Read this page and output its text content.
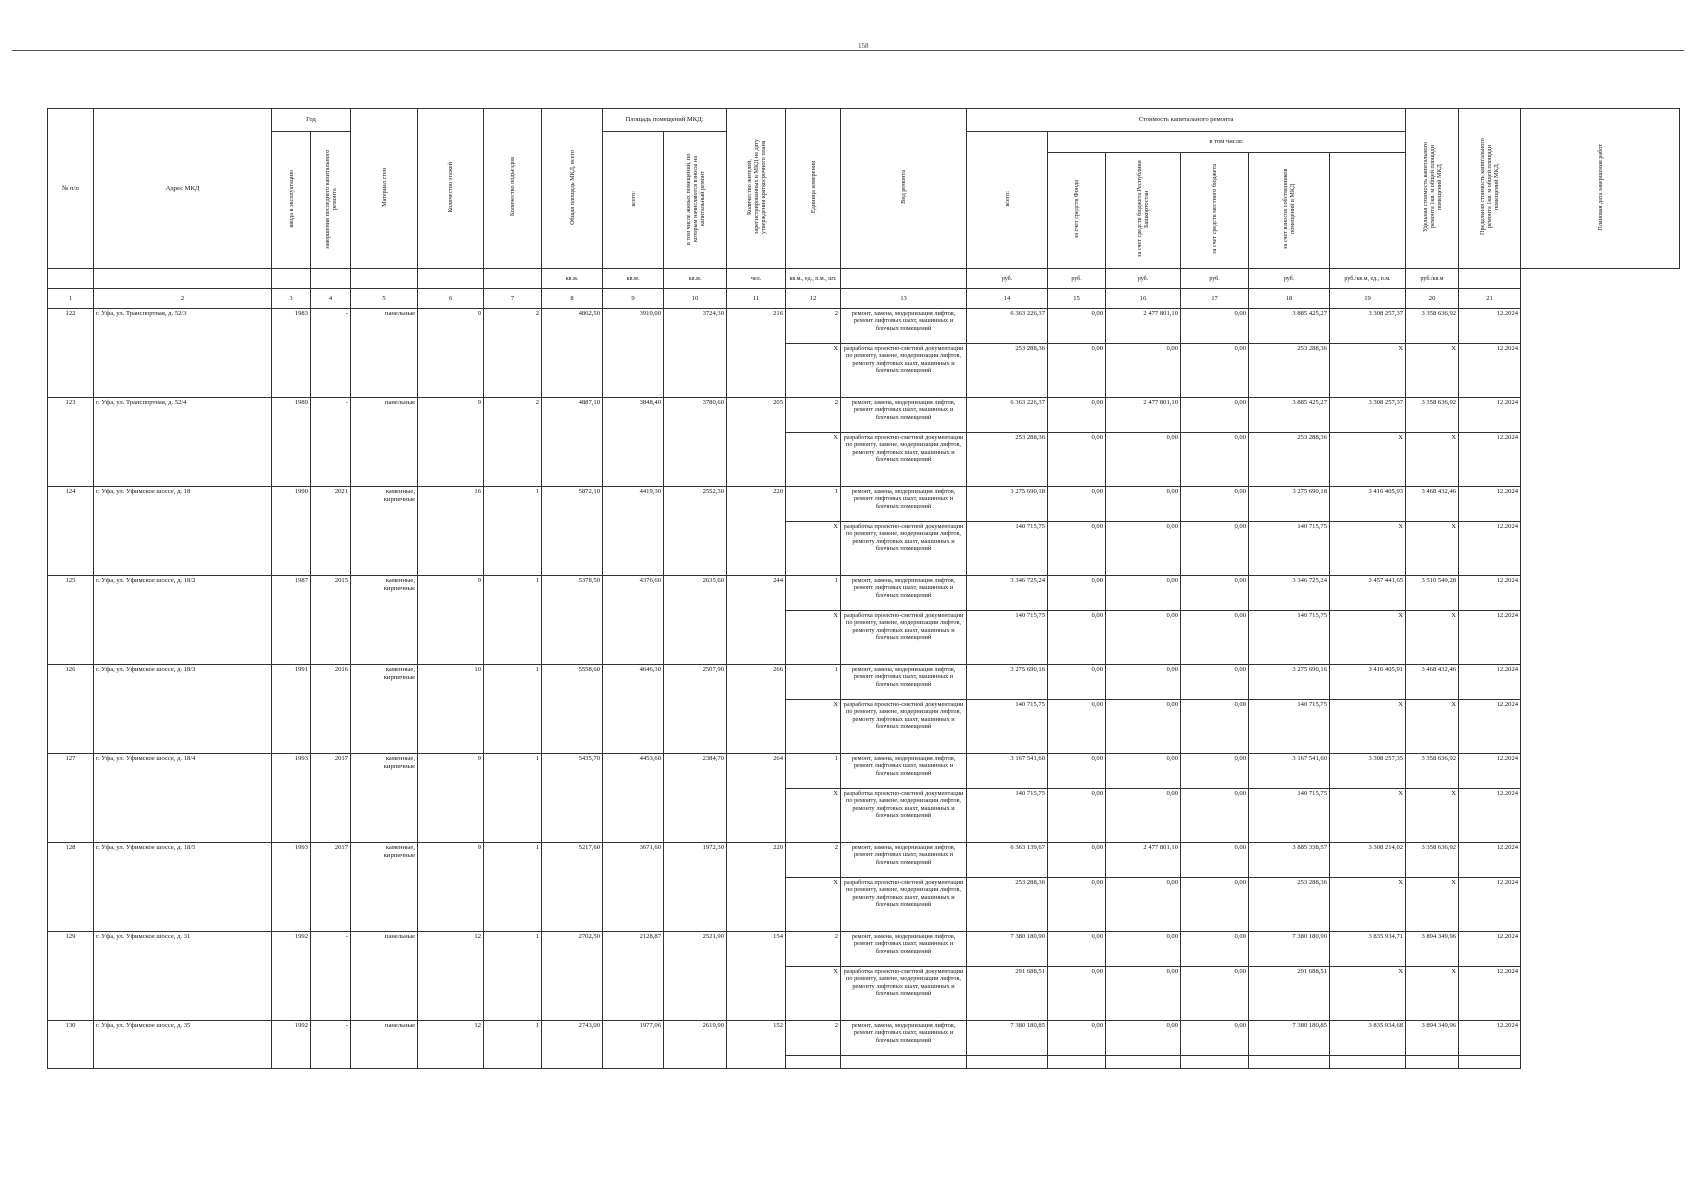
158
№ п/п	Адрес МКД	Год		Материал стен	Количество этажей	Количество подъездов	Общая площадь МКД, всего	Площадь помещений МКД:		Количество жителей, зарегистрированных в МКД на дату утверждения краткосрочного плана	Единица измерения	Вид ремонта	Стоимость капитального ремонта						Удельная стоимость капитального ремонта 1кв. м общей площади помещений МКД	Предельная стоимость капитального ремонта 1кв. м общей площади помещений МКД	Плановая дата завершения работ
		ввода в эксплуатацию	завершения последнего капитального ремонта					всего:	в том числе жилых помещений, по которым начисляются взносы на капитальный ремонт				всего:	в том числе:							
														за счет средств Фонда	за счет средств бюджета Республики Башкортостан	за счет средств местного бюджета	за счет взносов собственников помещений в МКД				
							кв.м.	кв.м.	кв.м.	чел.	кв.м., ед., п.м., шт.		руб.	руб.	руб.	руб.	руб.	руб./кв.м, ед., п.м.	руб./кв.м		
1	2	3	4	5	6	7	8	9	10	11	12	13	14	15	16	17	18	19	20	21	
122	г. Уфа, ул. Транспортная, д. 52/3	1983	-	панельные	9	2	4862,50	3910,00	3724,30	216	2	ремонт, замена, модернизация лифтов, ремонт лифтовых шахт, машинных и блочных помещений	6 363 226,37	0,00	2 477 801,10	0,00	3 885 425,27	3 308 257,37	3 358 636,92	12.2024	
											X	разработка проектно-сметной документации по ремонту, замене, модернизации лифтов, ремонту лифтовых шахт, машинных и блочных помещений	253 288,36	0,00	0,00	0,00	253 288,36	X	X	12.2024	
123	г. Уфа, ул. Транспортная, д. 52/4	1989	-	панельные	9	2	4887,10	3848,40	3780,60	205	2	ремонт, замена, модернизация лифтов, ремонт лифтовых шахт, машинных и блочных помещений	6 363 226,37	0,00	2 477 801,10	0,00	3 885 425,27	3 308 257,37	3 358 636,92	12.2024	
											X	разработка проектно-сметной документации по ремонту, замене, модернизации лифтов, ремонту лифтовых шахт, машинных и блочных помещений	253 288,36	0,00	0,00	0,00	253 288,36	X	X	12.2024	
124	г. Уфа, ул. Уфимское шоссе, д. 18	1990	2021	каменные, кирпичные	16	1	5872,10	4419,30	2552,30	220	1	ремонт, замена, модернизация лифтов, ремонт лифтовых шахт, машинных и блочных помещений	3 275 690,18	0,00	0,00	0,00	3 275 690,18	3 416 405,93	3 468 432,46	12.2024	
											X	разработка проектно-сметной документации по ремонту, замене, модернизации лифтов, ремонту лифтовых шахт, машинных и блочных помещений	140 715,75	0,00	0,00	0,00	140 715,75	X	X	12.2024	
125	г. Уфа, ул. Уфимское шоссе, д. 18/2	1987	2015	каменные, кирпичные	9	1	5378,50	4376,60	2635,60	244	1	ремонт, замена, модернизация лифтов, ремонт лифтовых шахт, машинных и блочных помещений	3 346 725,24	0,00	0,00	0,00	3 346 725,24	3 457 441,65	3 510 549,28	12.2024	
											X	разработка проектно-сметной документации по ремонту, замене, модернизации лифтов, ремонту лифтовых шахт, машинных и блочных помещений	140 715,75	0,00	0,00	0,00	140 715,75	X	X	12.2024	
126	г. Уфа, ул. Уфимское шоссе, д. 18/3	1991	2016	каменные, кирпичные	10	1	5558,60	4646,30	2507,90	266	1	ремонт, замена, модернизация лифтов, ремонт лифтовых шахт, машинных и блочных помещений	3 275 690,16	0,00	0,00	0,00	3 275 690,16	3 416 405,91	3 468 432,46	12.2024	
											X	разработка проектно-сметной документации по ремонту, замене, модернизации лифтов, ремонту лифтовых шахт, машинных и блочных помещений	140 715,75	0,00	0,00	0,00	140 715,75	X	X	12.2024	
127	г. Уфа, ул. Уфимское шоссе, д. 18/4	1993	2017	каменные, кирпичные	9	1	5435,70	4453,60	2384,70	264	1	ремонт, замена, модернизация лифтов, ремонт лифтовых шахт, машинных и блочных помещений	3 167 541,60	0,00	0,00	0,00	3 167 541,60	3 308 257,35	3 358 636,92	12.2024	
											X	разработка проектно-сметной документации по ремонту, замене, модернизации лифтов, ремонту лифтовых шахт, машинных и блочных помещений	140 715,75	0,00	0,00	0,00	140 715,75	X	X	12.2024	
128	г. Уфа, ул. Уфимское шоссе, д. 18/5	1993	2017	каменные, кирпичные	9	1	5217,60	3671,60	1972,30	220	2	ремонт, замена, модернизация лифтов, ремонт лифтовых шахт, машинных и блочных помещений	6 363 139,67	0,00	2 477 801,10	0,00	3 885 338,57	3 308 214,02	3 358 636,92	12.2024	
											X	разработка проектно-сметной документации по ремонту, замене, модернизации лифтов, ремонту лифтовых шахт, машинных и блочных помещений	253 288,36	0,00	0,00	0,00	253 288,36	X	X	12.2024	
129	г. Уфа, ул. Уфимское шоссе, д. 31	1992	-	панельные	12	1	2702,50	2128,87	2521,90	154	2	ремонт, замена, модернизация лифтов, ремонт лифтовых шахт, машинных и блочных помещений	7 380 180,90	0,00	0,00	0,00	7 380 180,90	3 835 934,71	3 894 349,96	12.2024	
											X	разработка проектно-сметной документации по ремонту, замене, модернизации лифтов, ремонту лифтовых шахт, машинных и блочных помещений	291 688,51	0,00	0,00	0,00	291 688,51	X	X	12.2024	
130	г. Уфа, ул. Уфимское шоссе, д. 35	1992	-	панельные	12	1	2743,00	1977,06	2619,90	152	2	ремонт, замена, модернизация лифтов, ремонт лифтовых шахт, машинных и блочных помещений	7 380 180,85	0,00	0,00	0,00	7 380 180,85	3 835 934,68	3 894 349,96	12.2024	
